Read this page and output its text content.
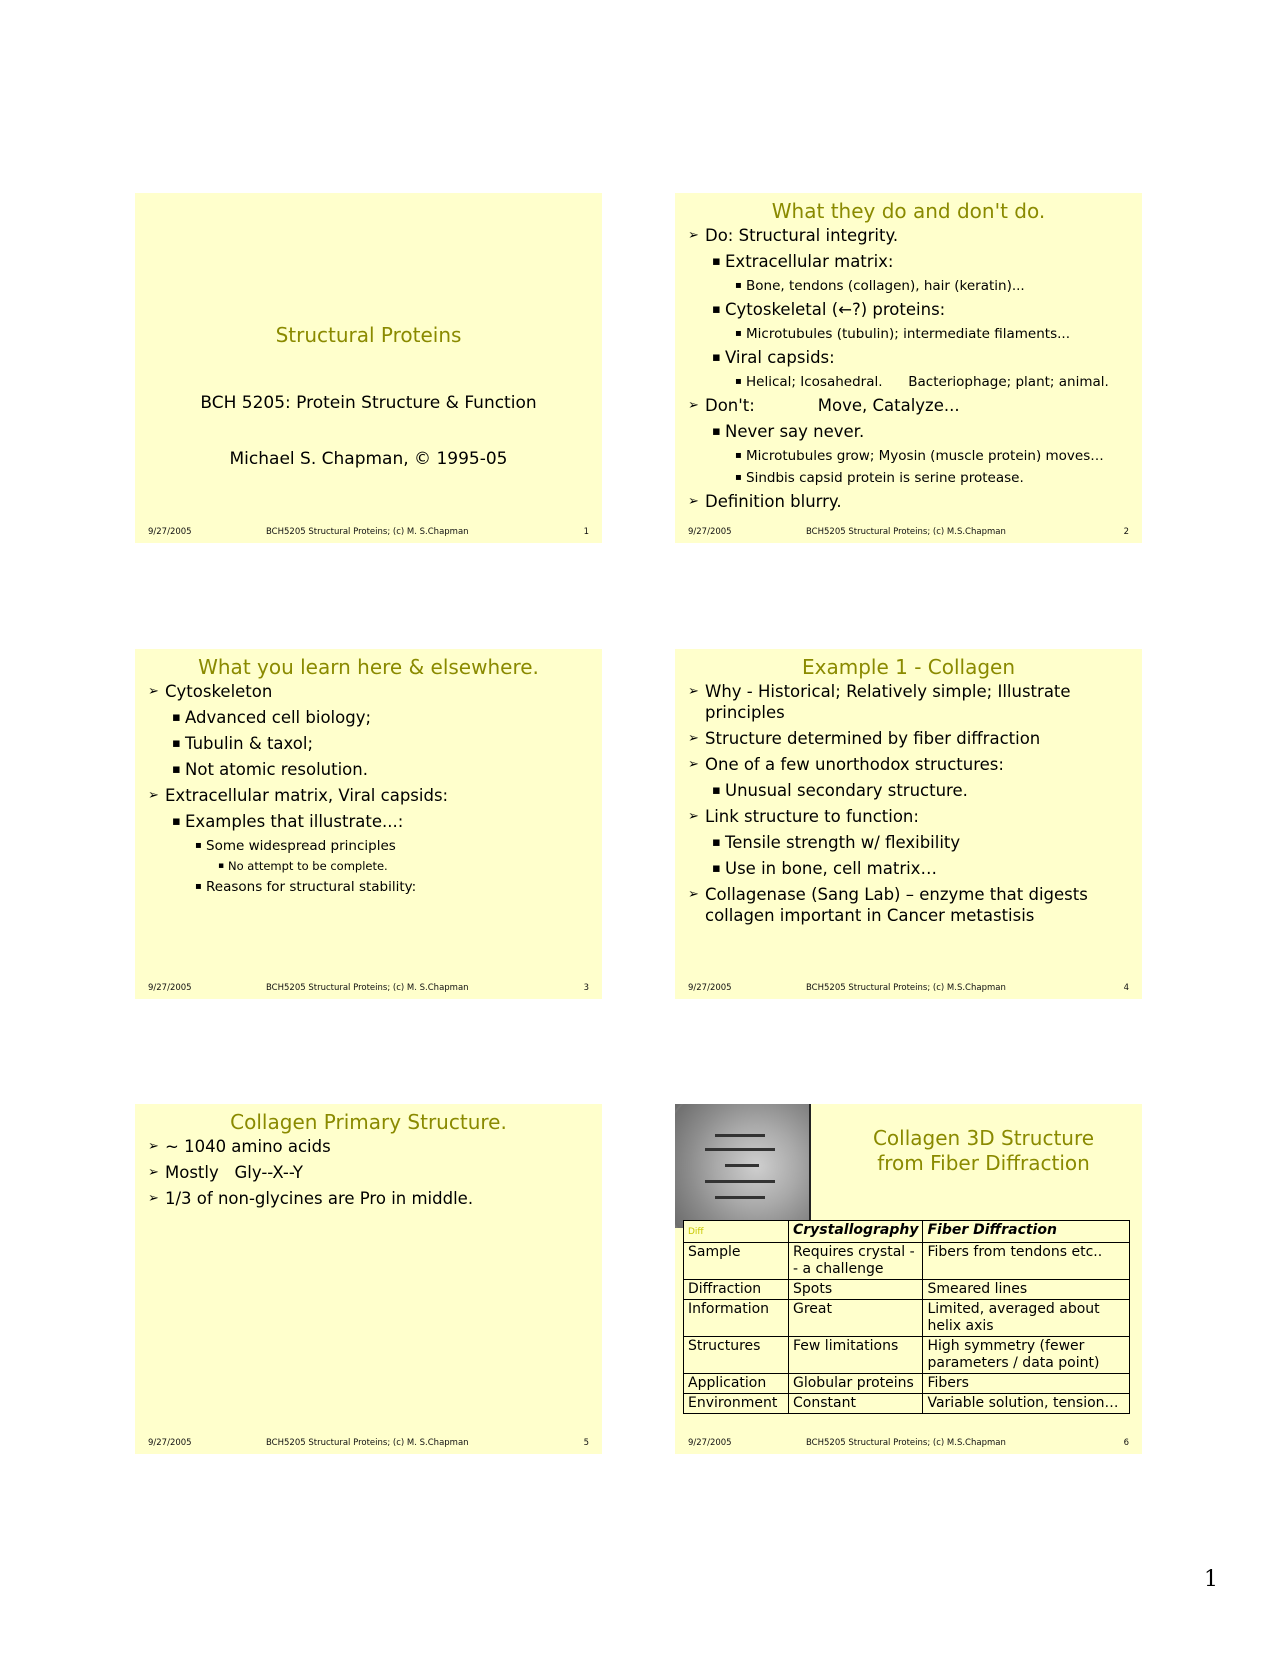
Structural Proteins
BCH 5205: Protein Structure & Function
Michael S. Chapman, © 1995-05
9/27/2005	BCH5205 Structural Proteins; (c) M. S.Chapman	1
What they do and don't do.
➢ Do: Structural integrity.
▪ Extracellular matrix:
▪ Bone, tendons (collagen), hair (keratin)...
▪ Cytoskeletal (←?) proteins:
▪ Microtubules (tubulin); intermediate filaments...
▪ Viral capsids:
▪ Helical; Icosahedral.      Bacteriophage; plant; animal.
➢ Don't:            Move, Catalyze...
▪ Never say never.
▪ Microtubules grow; Myosin (muscle protein) moves…
▪ Sindbis capsid protein is serine protease.
➢ Definition blurry.
9/27/2005	BCH5205 Structural Proteins; (c) M.S.Chapman	2
What you learn here & elsewhere.
➢ Cytoskeleton
▪ Advanced cell biology;
▪ Tubulin & taxol;
▪ Not atomic resolution.
➢ Extracellular matrix, Viral capsids:
▪ Examples that illustrate...:
▪ Some widespread principles
▪ No attempt to be complete.
▪ Reasons for structural stability:
9/27/2005	BCH5205 Structural Proteins; (c) M. S.Chapman	3
Example 1 - Collagen
➢ Why - Historical; Relatively simple; Illustrate principles
➢ Structure determined by fiber diffraction
➢ One of a few unorthodox structures:
▪ Unusual secondary structure.
➢ Link structure to function:
▪ Tensile strength w/ flexibility
▪ Use in bone, cell matrix…
➢ Collagenase (Sang Lab) – enzyme that digests collagen important in Cancer metastisis
9/27/2005	BCH5205 Structural Proteins; (c) M.S.Chapman	4
Collagen Primary Structure.
➢ ~ 1040 amino acids
➢ Mostly   Gly--X--Y
➢ 1/3 of non-glycines are Pro in middle.
9/27/2005	BCH5205 Structural Proteins; (c) M. S.Chapman	5
Collagen 3D Structure
from Fiber Diffraction
Diff	Crystallography	Fiber Diffraction
Sample	Requires crystal -- a challenge	Fibers from tendons etc..
Diffraction	Spots	Smeared lines
Information	Great	Limited, averaged about helix axis
Structures	Few limitations	High symmetry (fewer parameters / data point)
Application	Globular proteins	Fibers
Environment	Constant	Variable solution, tension…
9/27/2005	BCH5205 Structural Proteins; (c) M.S.Chapman	6
1
